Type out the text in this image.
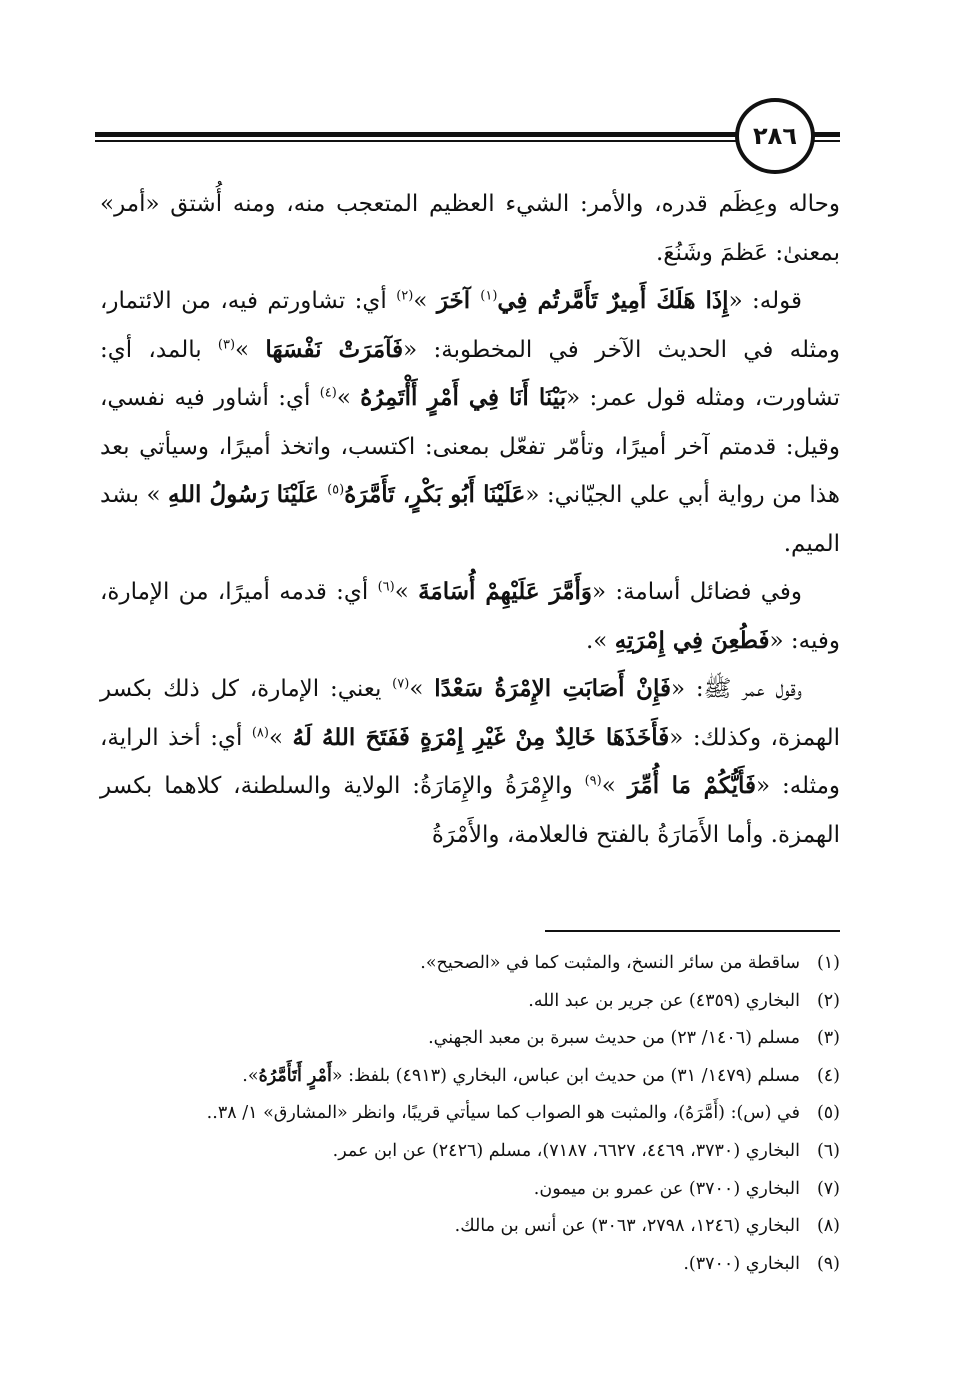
٢٨٦

وحاله وعِظَم قدره، والأمر: الشيء العظيم المتعجب منه، ومنه أُشتق «أمر» بمعنىٰ: عَظمَ وشَنُعَ.

قوله: «إِذَا هَلَكَ أَمِيرٌ تَأَمَّرتُم فِي$^{(١)}$ آخَرَ »$^{(٢)}$ أي: تشاورتم فيه، من الائتمار، ومثله في الحديث الآخر في المخطوبة: «فَآمَرَتْ نَفْسَهَا »$^{(٣)}$ بالمد، أي: تشاورت، ومثله قول عمر: «بَيْنَا أَنَا فِي أَمْرٍ أَأْتَمِرُهُ »$^{(٤)}$ أي: أشاور فيه نفسي، وقيل: قدمتم آخر أميرًا، وتأمّر تفعّل بمعنى: اكتسب، واتخذ أميرًا، وسيأتي بعد هذا من رواية أبي علي الجيّاني: «عَلَيْنَا أَبُو بَكْرٍ، تَأَمَّرَهُ$^{(٥)}$ عَلَيْنَا رَسُولُ اللهِ » بشد الميم.

وفي فضائل أسامة: «وَأَمَّرَ عَلَيْهِمْ أُسَامَةَ »$^{(٦)}$ أي: قدمه أميرًا، من الإمارة، وفيه: «فَطُعِنَ فِي إِمْرَتِهِ ».

وقول عمر ﷺ: «فَإِنْ أَصَابَتِ الإِمْرَةُ سَعْدًا »$^{(٧)}$ يعني: الإمارة، كل ذلك بكسر الهمزة، وكذلك: «فَأَخَذَهَا خَالِدٌ مِنْ غَيْرِ إِمْرَةٍ فَفَتَحَ اللهُ لَهُ »$^{(٨)}$ أي: أخذ الراية، ومثله: «فَأَيُّكُمْ مَا أُمِّرَ »$^{(٩)}$ والإِمْرَةُ والإِمَارَةُ: الولاية والسلطنة، كلاهما بكسر الهمزة. وأما الأَمَارَةُ بالفتح فالعلامة، والأَمْرَةُ

(١)ساقطة من سائر النسخ، والمثبت كما في «الصحيح».
(٢)البخاري (٤٣٥٩) عن جرير بن عبد الله.
(٣)مسلم (١٤٠٦/ ٢٣) من حديث سبرة بن معبد الجهني.
(٤)مسلم (١٤٧٩/ ٣١) من حديث ابن عباس، البخاري (٤٩١٣) بلفظ: «أَمْرٍ أَتَأَمَّرُهُ».
(٥)في (س): (أَمَّرَهُ)، والمثبت هو الصواب كما سيأتي قريبًا، وانظر «المشارق» ١/ ٣٨..
(٦)البخاري (٣٧٣٠، ٤٤٦٩، ٦٦٢٧، ٧١٨٧)، مسلم (٢٤٢٦) عن ابن عمر.
(٧)البخاري (٣٧٠٠) عن عمرو بن ميمون.
(٨)البخاري (١٢٤٦، ٢٧٩٨، ٣٠٦٣) عن أنس بن مالك.
(٩)البخاري (٣٧٠٠).
